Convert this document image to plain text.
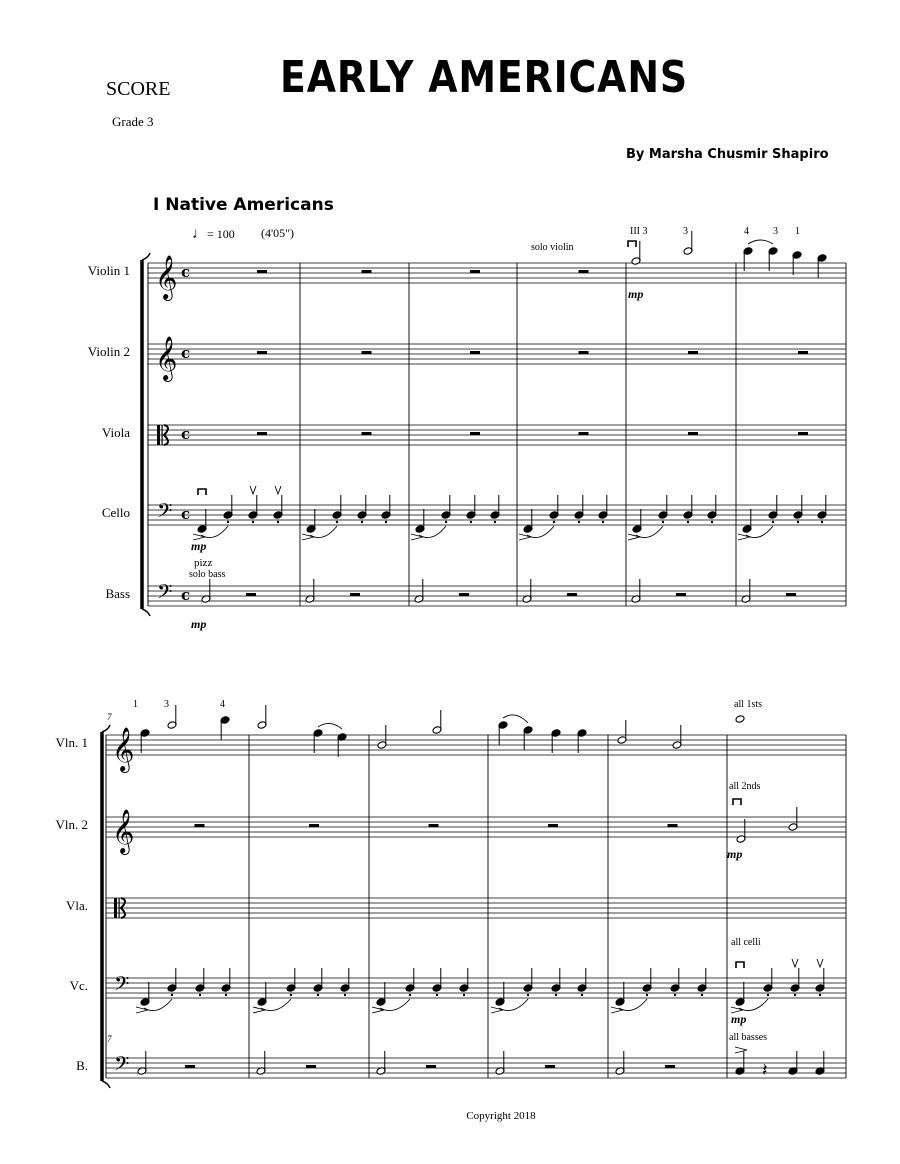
EARLY AMERICANS
SCORE
Grade 3
By Marsha Chusmir Shapiro
I Native Americans
♩= 100 (4'05")
Violin 1
Violin 2
Viola
Cello
Bass
Vln. 1
Vln. 2
Vla.
Vc.
B.
solo violin
III 3	3	4 3 1
mp
mp
pizz
solo bass
mp
7
7
1	3	4	all 1sts
all 2nds
mp
all celli
mp
all basses
Copyright 2018
𝄞 c
𝄞 c
c
𝄢 c
𝄢 c
𝄞
𝄞
𝄢
𝄢	𝄽
